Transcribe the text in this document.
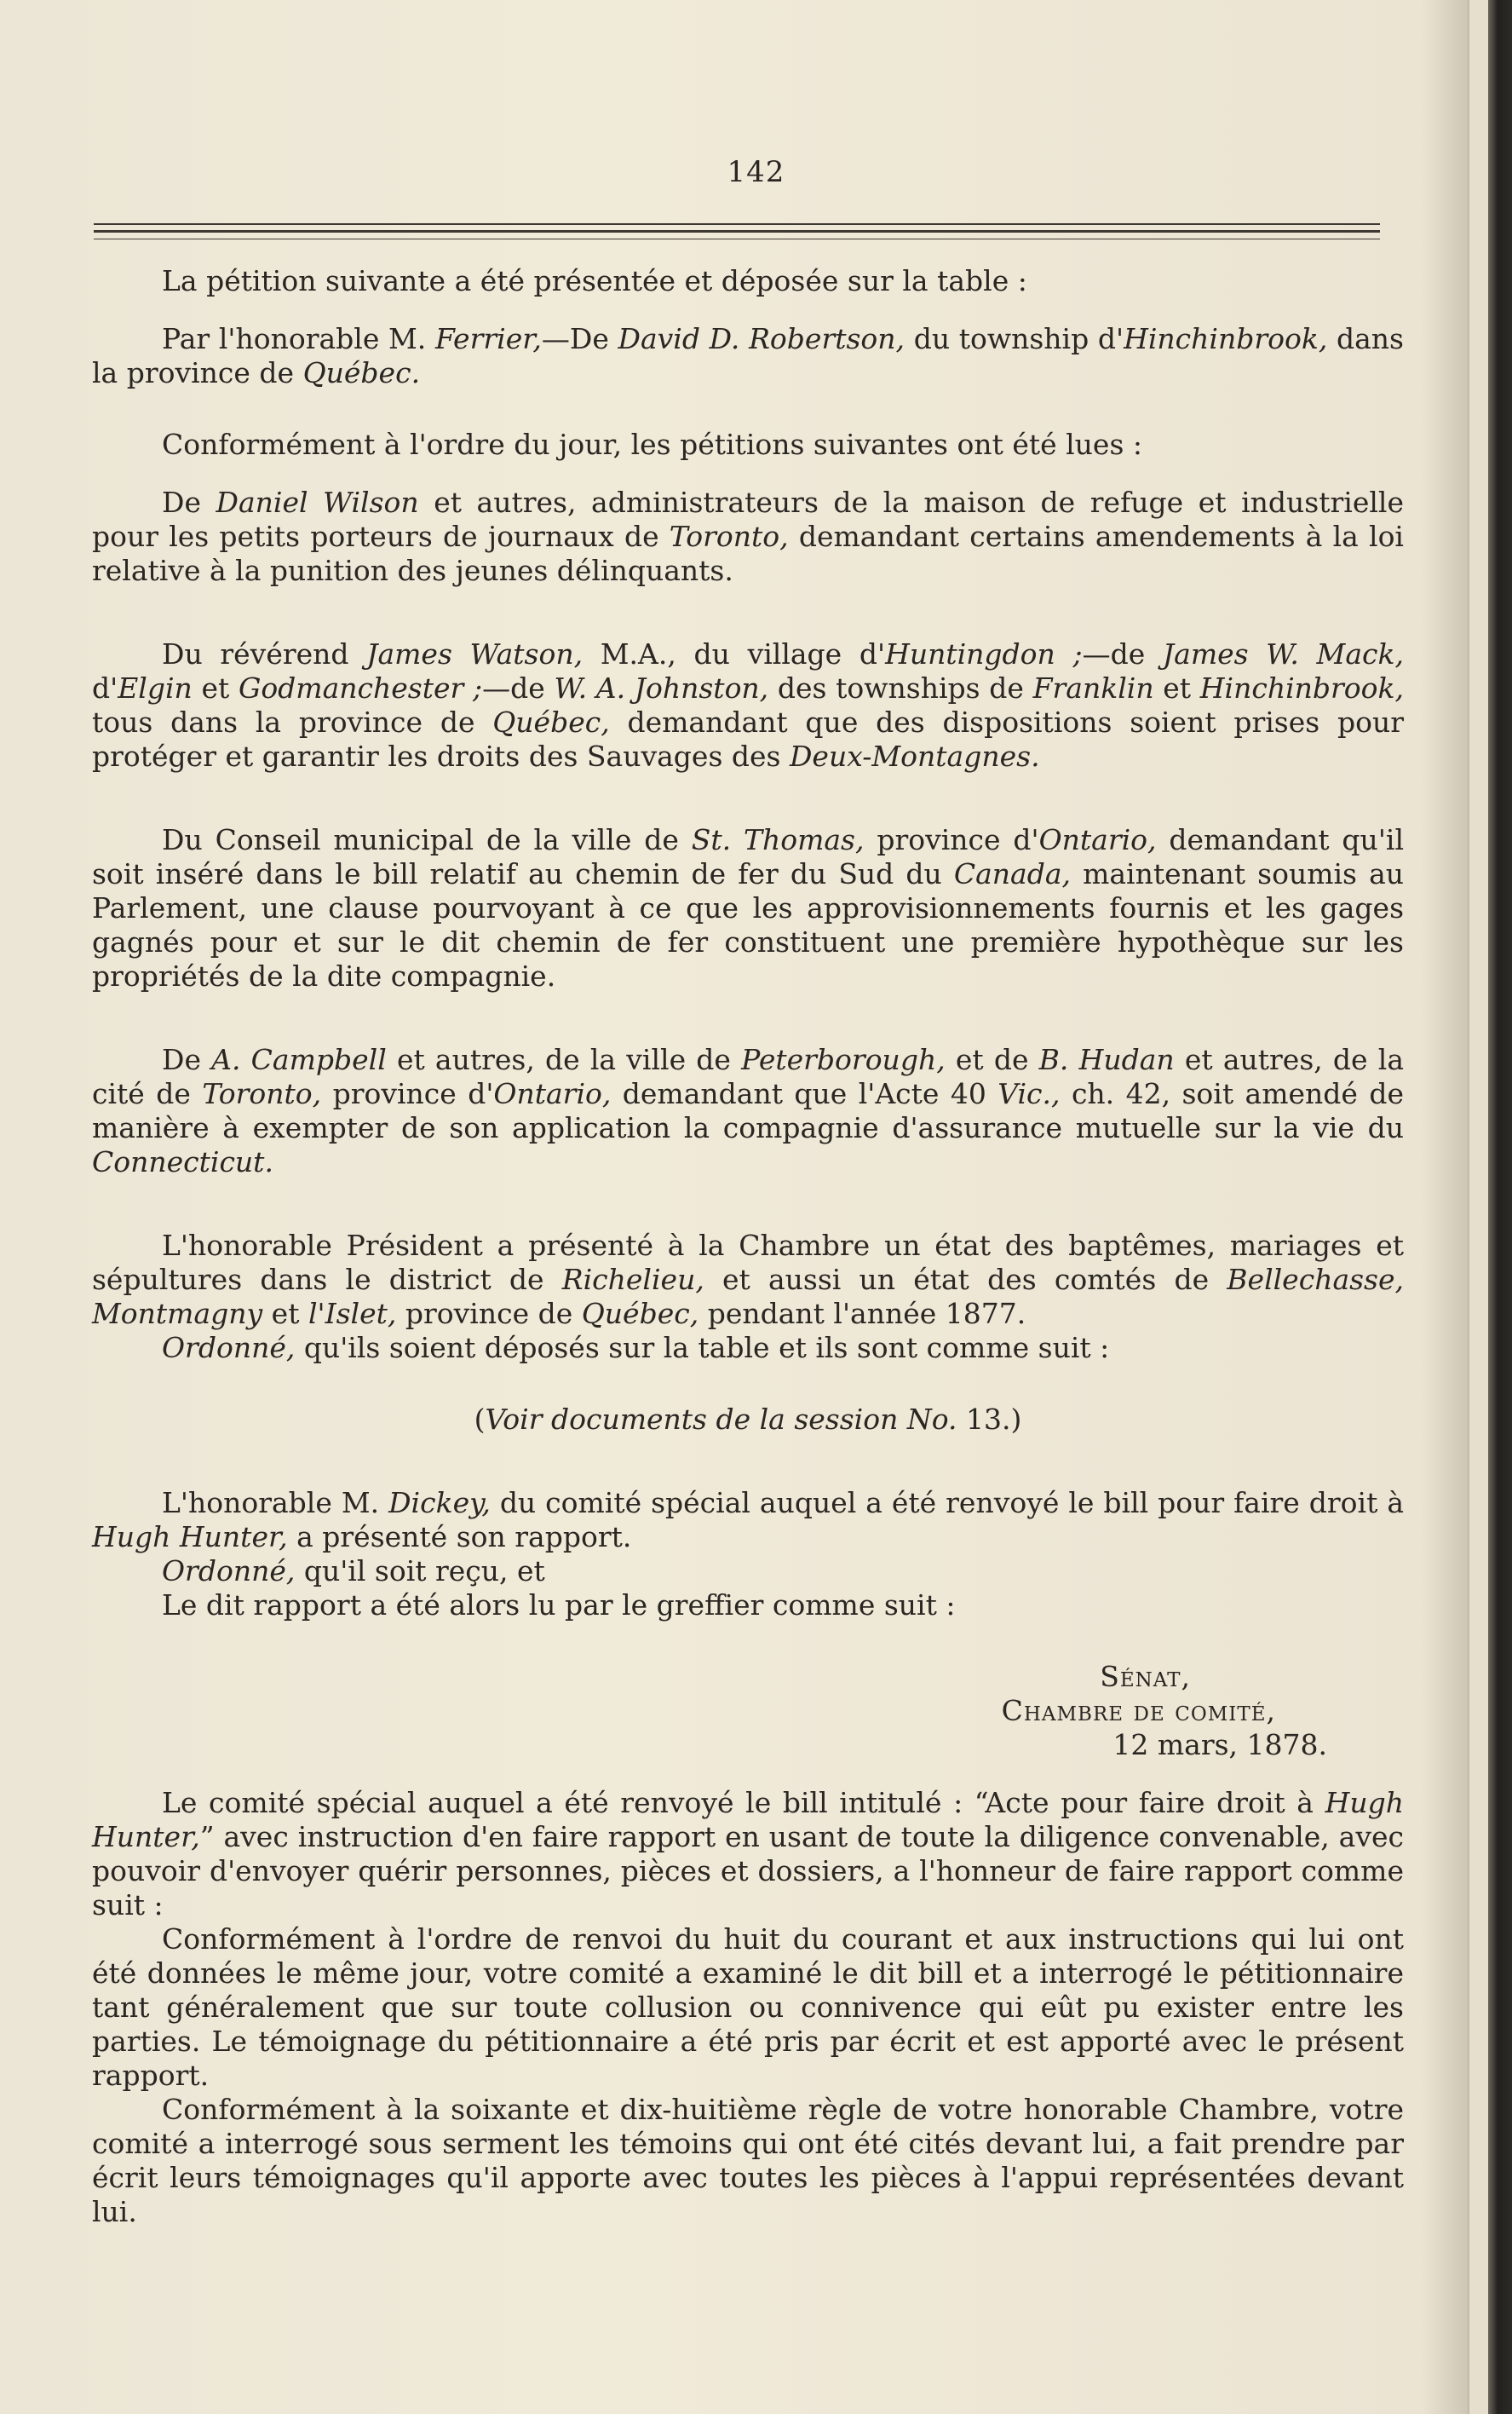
142

La pétition suivante a été présentée et déposée sur la table :

Par l'honorable M. Ferrier,—De David D. Robertson, du township d'Hinchinbrook, dans la province de Québec.

Conformément à l'ordre du jour, les pétitions suivantes ont été lues :

De Daniel Wilson et autres, administrateurs de la maison de refuge et industrielle pour les petits porteurs de journaux de Toronto, demandant certains amendements à la loi relative à la punition des jeunes délinquants.

Du révérend James Watson, M.A., du village d'Huntingdon ;—de James W. Mack, d'Elgin et Godmanchester ;—de W. A. Johnston, des townships de Franklin et Hinchinbrook, tous dans la province de Québec, demandant que des dispositions soient prises pour protéger et garantir les droits des Sauvages des Deux-Montagnes.

Du Conseil municipal de la ville de St. Thomas, province d'Ontario, demandant qu'il soit inséré dans le bill relatif au chemin de fer du Sud du Canada, maintenant soumis au Parlement, une clause pourvoyant à ce que les approvisionnements fournis et les gages gagnés pour et sur le dit chemin de fer constituent une première hypothèque sur les propriétés de la dite compagnie.

De A. Campbell et autres, de la ville de Peterborough, et de B. Hudan et autres, de la cité de Toronto, province d'Ontario, demandant que l'Acte 40 Vic., ch. 42, soit amendé de manière à exempter de son application la compagnie d'assurance mutuelle sur la vie du Connecticut.

L'honorable Président a présenté à la Chambre un état des baptêmes, mariages et sépultures dans le district de Richelieu, et aussi un état des comtés de Bellechasse, Montmagny et l'Islet, province de Québec, pendant l'année 1877.

Ordonné, qu'ils soient déposés sur la table et ils sont comme suit :

(Voir documents de la session No. 13.)

L'honorable M. Dickey, du comité spécial auquel a été renvoyé le bill pour faire droit à Hugh Hunter, a présenté son rapport.

Ordonné, qu'il soit reçu, et

Le dit rapport a été alors lu par le greffier comme suit :

Sénat,

Chambre de comité,

12 mars, 1878.

Le comité spécial auquel a été renvoyé le bill intitulé : “Acte pour faire droit à Hugh Hunter,” avec instruction d'en faire rapport en usant de toute la diligence convenable, avec pouvoir d'envoyer quérir personnes, pièces et dossiers, a l'honneur de faire rapport comme suit :

Conformément à l'ordre de renvoi du huit du courant et aux instructions qui lui ont été données le même jour, votre comité a examiné le dit bill et a interrogé le pétitionnaire tant généralement que sur toute collusion ou connivence qui eût pu exister entre les parties. Le témoignage du pétitionnaire a été pris par écrit et est apporté avec le présent rapport.

Conformément à la soixante et dix-huitième règle de votre honorable Chambre, votre comité a interrogé sous serment les témoins qui ont été cités devant lui, a fait prendre par écrit leurs témoignages qu'il apporte avec toutes les pièces à l'appui représentées devant lui.
